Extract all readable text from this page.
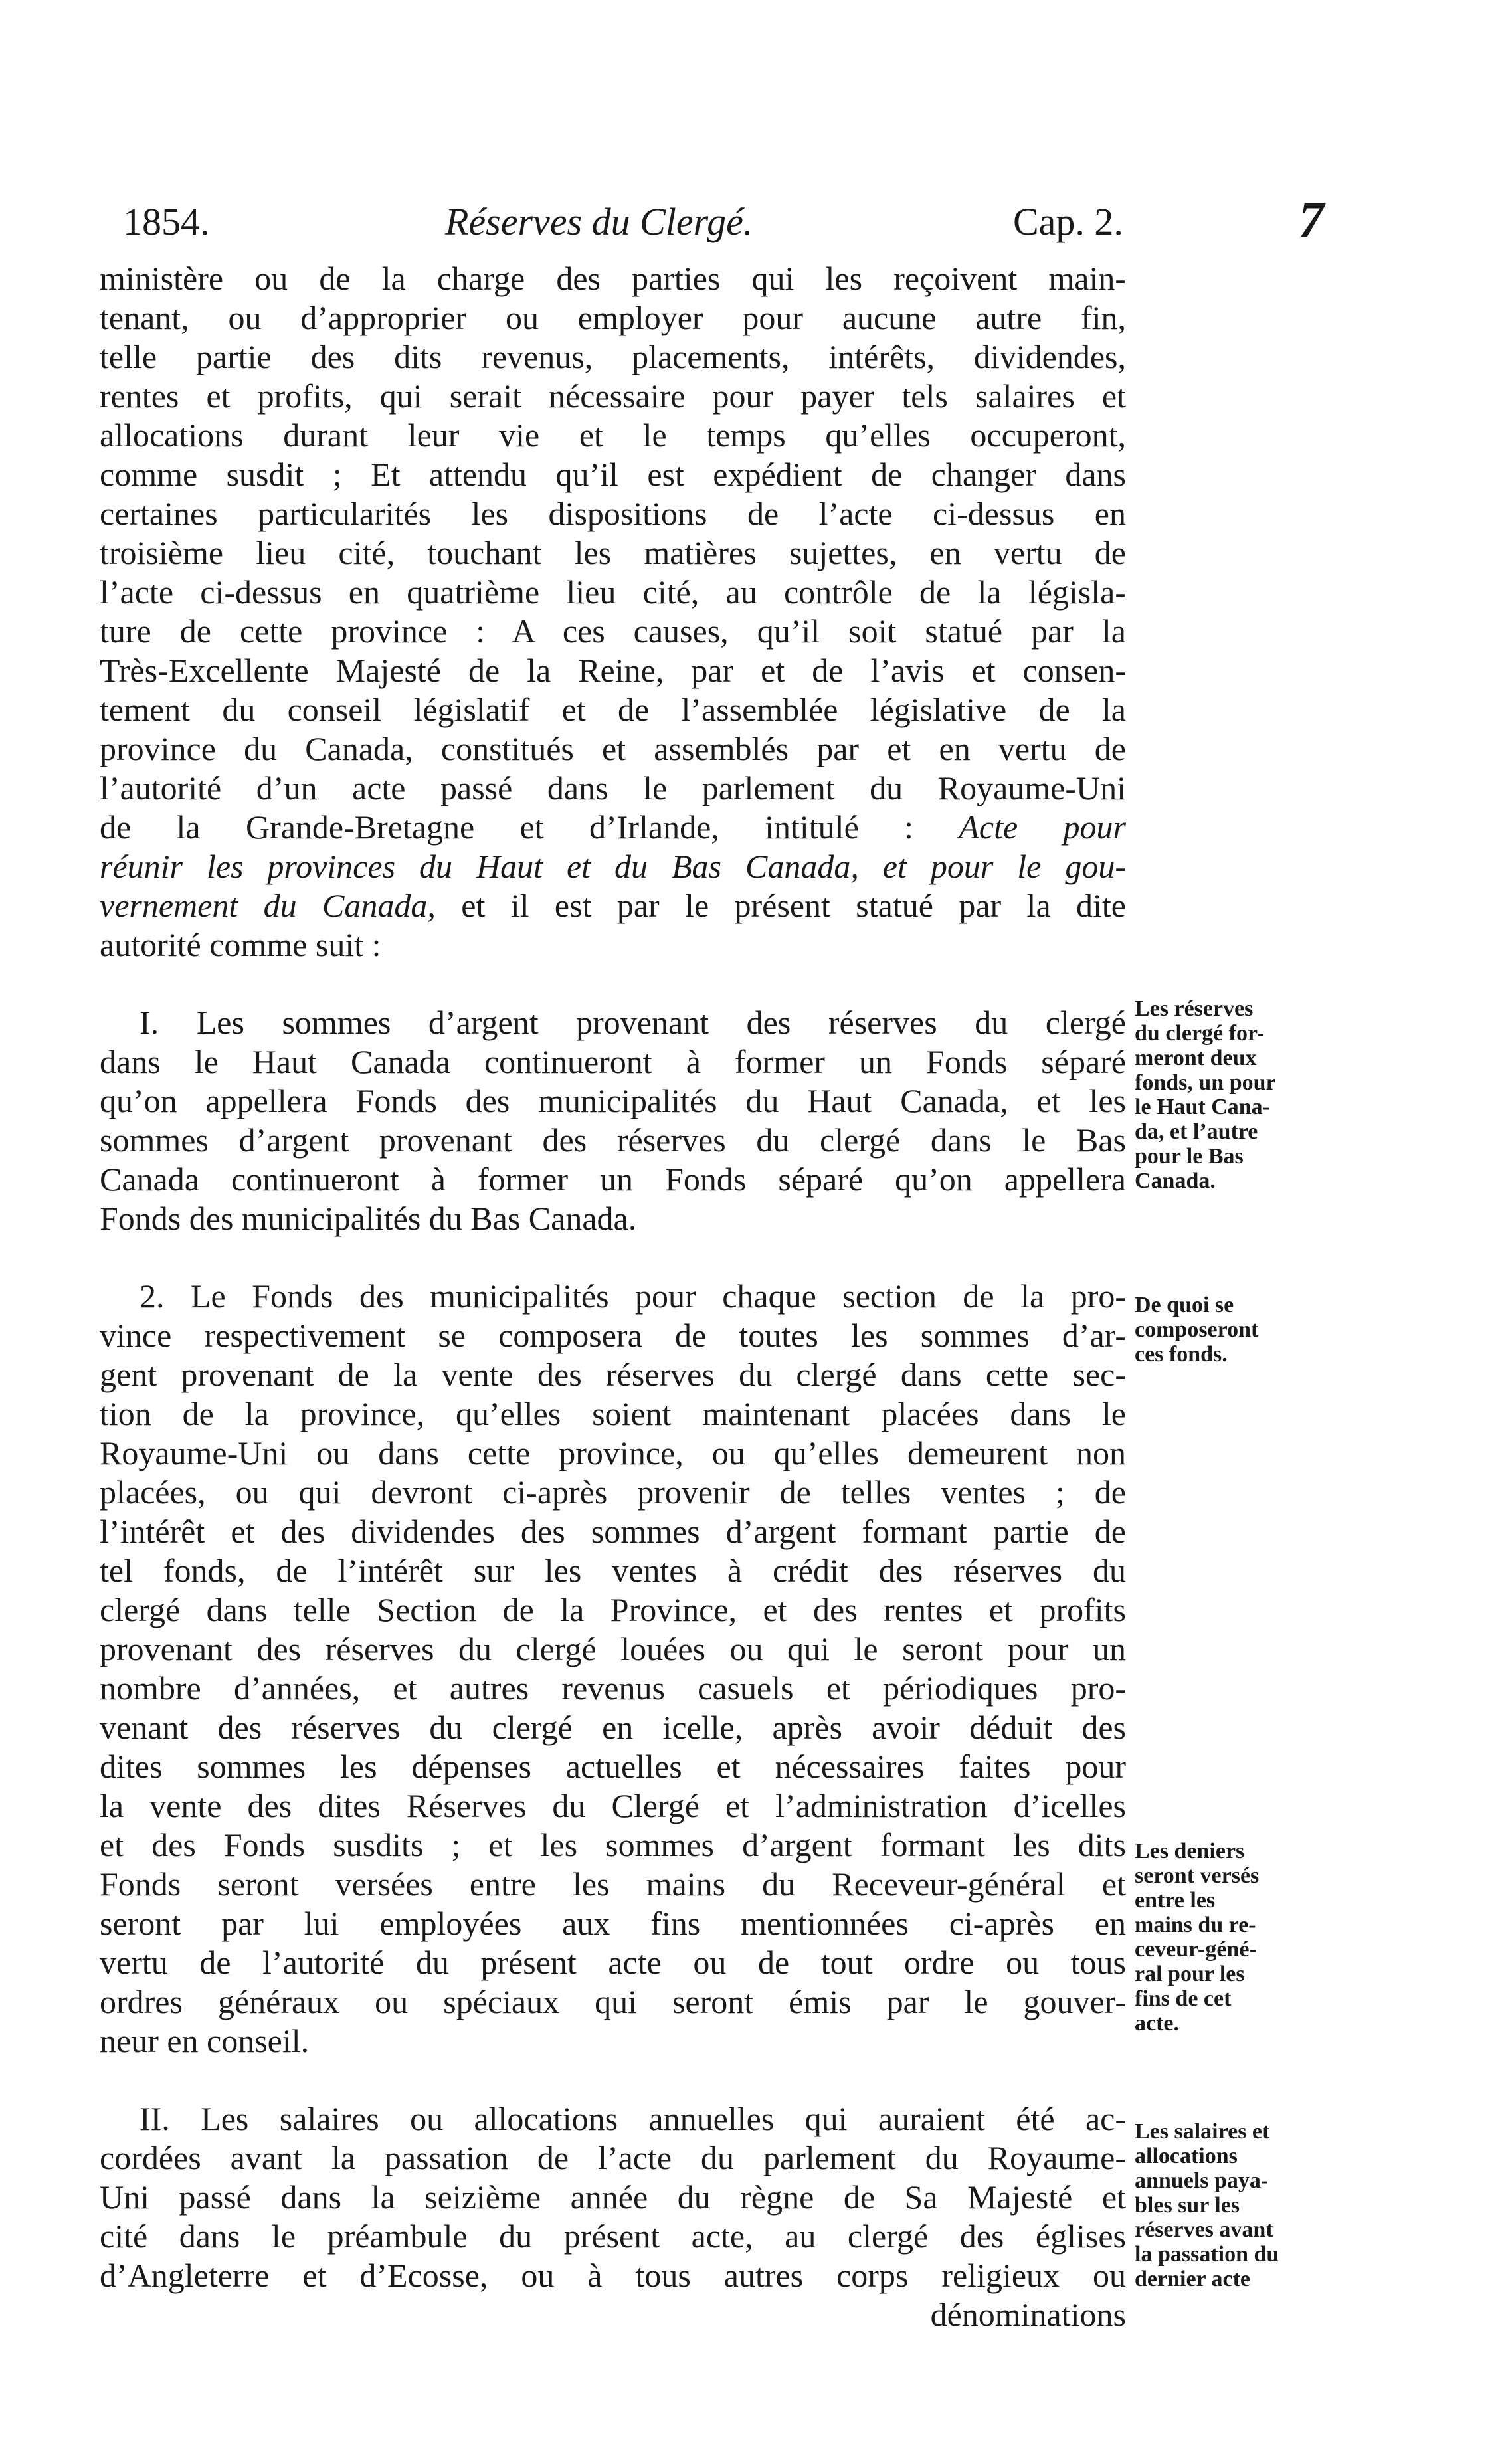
1854.	Réserves du Clergé.	Cap. 2.	7

ministère ou de la charge des parties qui les reçoivent main-
tenant, ou d’approprier ou employer pour aucune autre fin,
telle partie des dits revenus, placements, intérêts, dividendes,
rentes et profits, qui serait nécessaire pour payer tels salaires et
allocations durant leur vie et le temps qu’elles occuperont,
comme susdit ; Et attendu qu’il est expédient de changer dans
certaines particularités les dispositions de l’acte ci-dessus en
troisième lieu cité, touchant les matières sujettes, en vertu de
l’acte ci-dessus en quatrième lieu cité, au contrôle de la législa-
ture de cette province : A ces causes, qu’il soit statué par la
Très-Excellente Majesté de la Reine, par et de l’avis et consen-
tement du conseil législatif et de l’assemblée législative de la
province du Canada, constitués et assemblés par et en vertu de
l’autorité d’un acte passé dans le parlement du Royaume-Uni
de la Grande-Bretagne et d’Irlande, intitulé : Acte pour
réunir les provinces du Haut et du Bas Canada, et pour le gou-
vernement du Canada, et il est par le présent statué par la dite
autorité comme suit :

I. Les sommes d’argent provenant des réserves du clergé
dans le Haut Canada continueront à former un Fonds séparé
qu’on appellera Fonds des municipalités du Haut Canada, et les
sommes d’argent provenant des réserves du clergé dans le Bas
Canada continueront à former un Fonds séparé qu’on appellera
Fonds des municipalités du Bas Canada.

2. Le Fonds des municipalités pour chaque section de la pro-
vince respectivement se composera de toutes les sommes d’ar-
gent provenant de la vente des réserves du clergé dans cette sec-
tion de la province, qu’elles soient maintenant placées dans le
Royaume-Uni ou dans cette province, ou qu’elles demeurent non
placées, ou qui devront ci-après provenir de telles ventes ; de
l’intérêt et des dividendes des sommes d’argent formant partie de
tel fonds, de l’intérêt sur les ventes à crédit des réserves du
clergé dans telle Section de la Province, et des rentes et profits
provenant des réserves du clergé louées ou qui le seront pour un
nombre d’années, et autres revenus casuels et périodiques pro-
venant des réserves du clergé en icelle, après avoir déduit des
dites sommes les dépenses actuelles et nécessaires faites pour
la vente des dites Réserves du Clergé et l’administration d’icelles
et des Fonds susdits ; et les sommes d’argent formant les dits
Fonds seront versées entre les mains du Receveur-général et
seront par lui employées aux fins mentionnées ci-après en
vertu de l’autorité du présent acte ou de tout ordre ou tous
ordres généraux ou spéciaux qui seront émis par le gouver-
neur en conseil.

II. Les salaires ou allocations annuelles qui auraient été ac-
cordées avant la passation de l’acte du parlement du Royaume-
Uni passé dans la seizième année du règne de Sa Majesté et
cité dans le préambule du présent acte, au clergé des églises
d’Angleterre et d’Ecosse, ou à tous autres corps religieux ou
dénominations

Les réserves
du clergé for-
meront deux
fonds, un pour
le Haut Cana-
da, et l’autre
pour le Bas
Canada.
De quoi se
composeront
ces fonds.
Les deniers
seront versés
entre les
mains du re-
ceveur-géné-
ral pour les
fins de cet
acte.
Les salaires et
allocations
annuels paya-
bles sur les
réserves avant
la passation du
dernier acte
